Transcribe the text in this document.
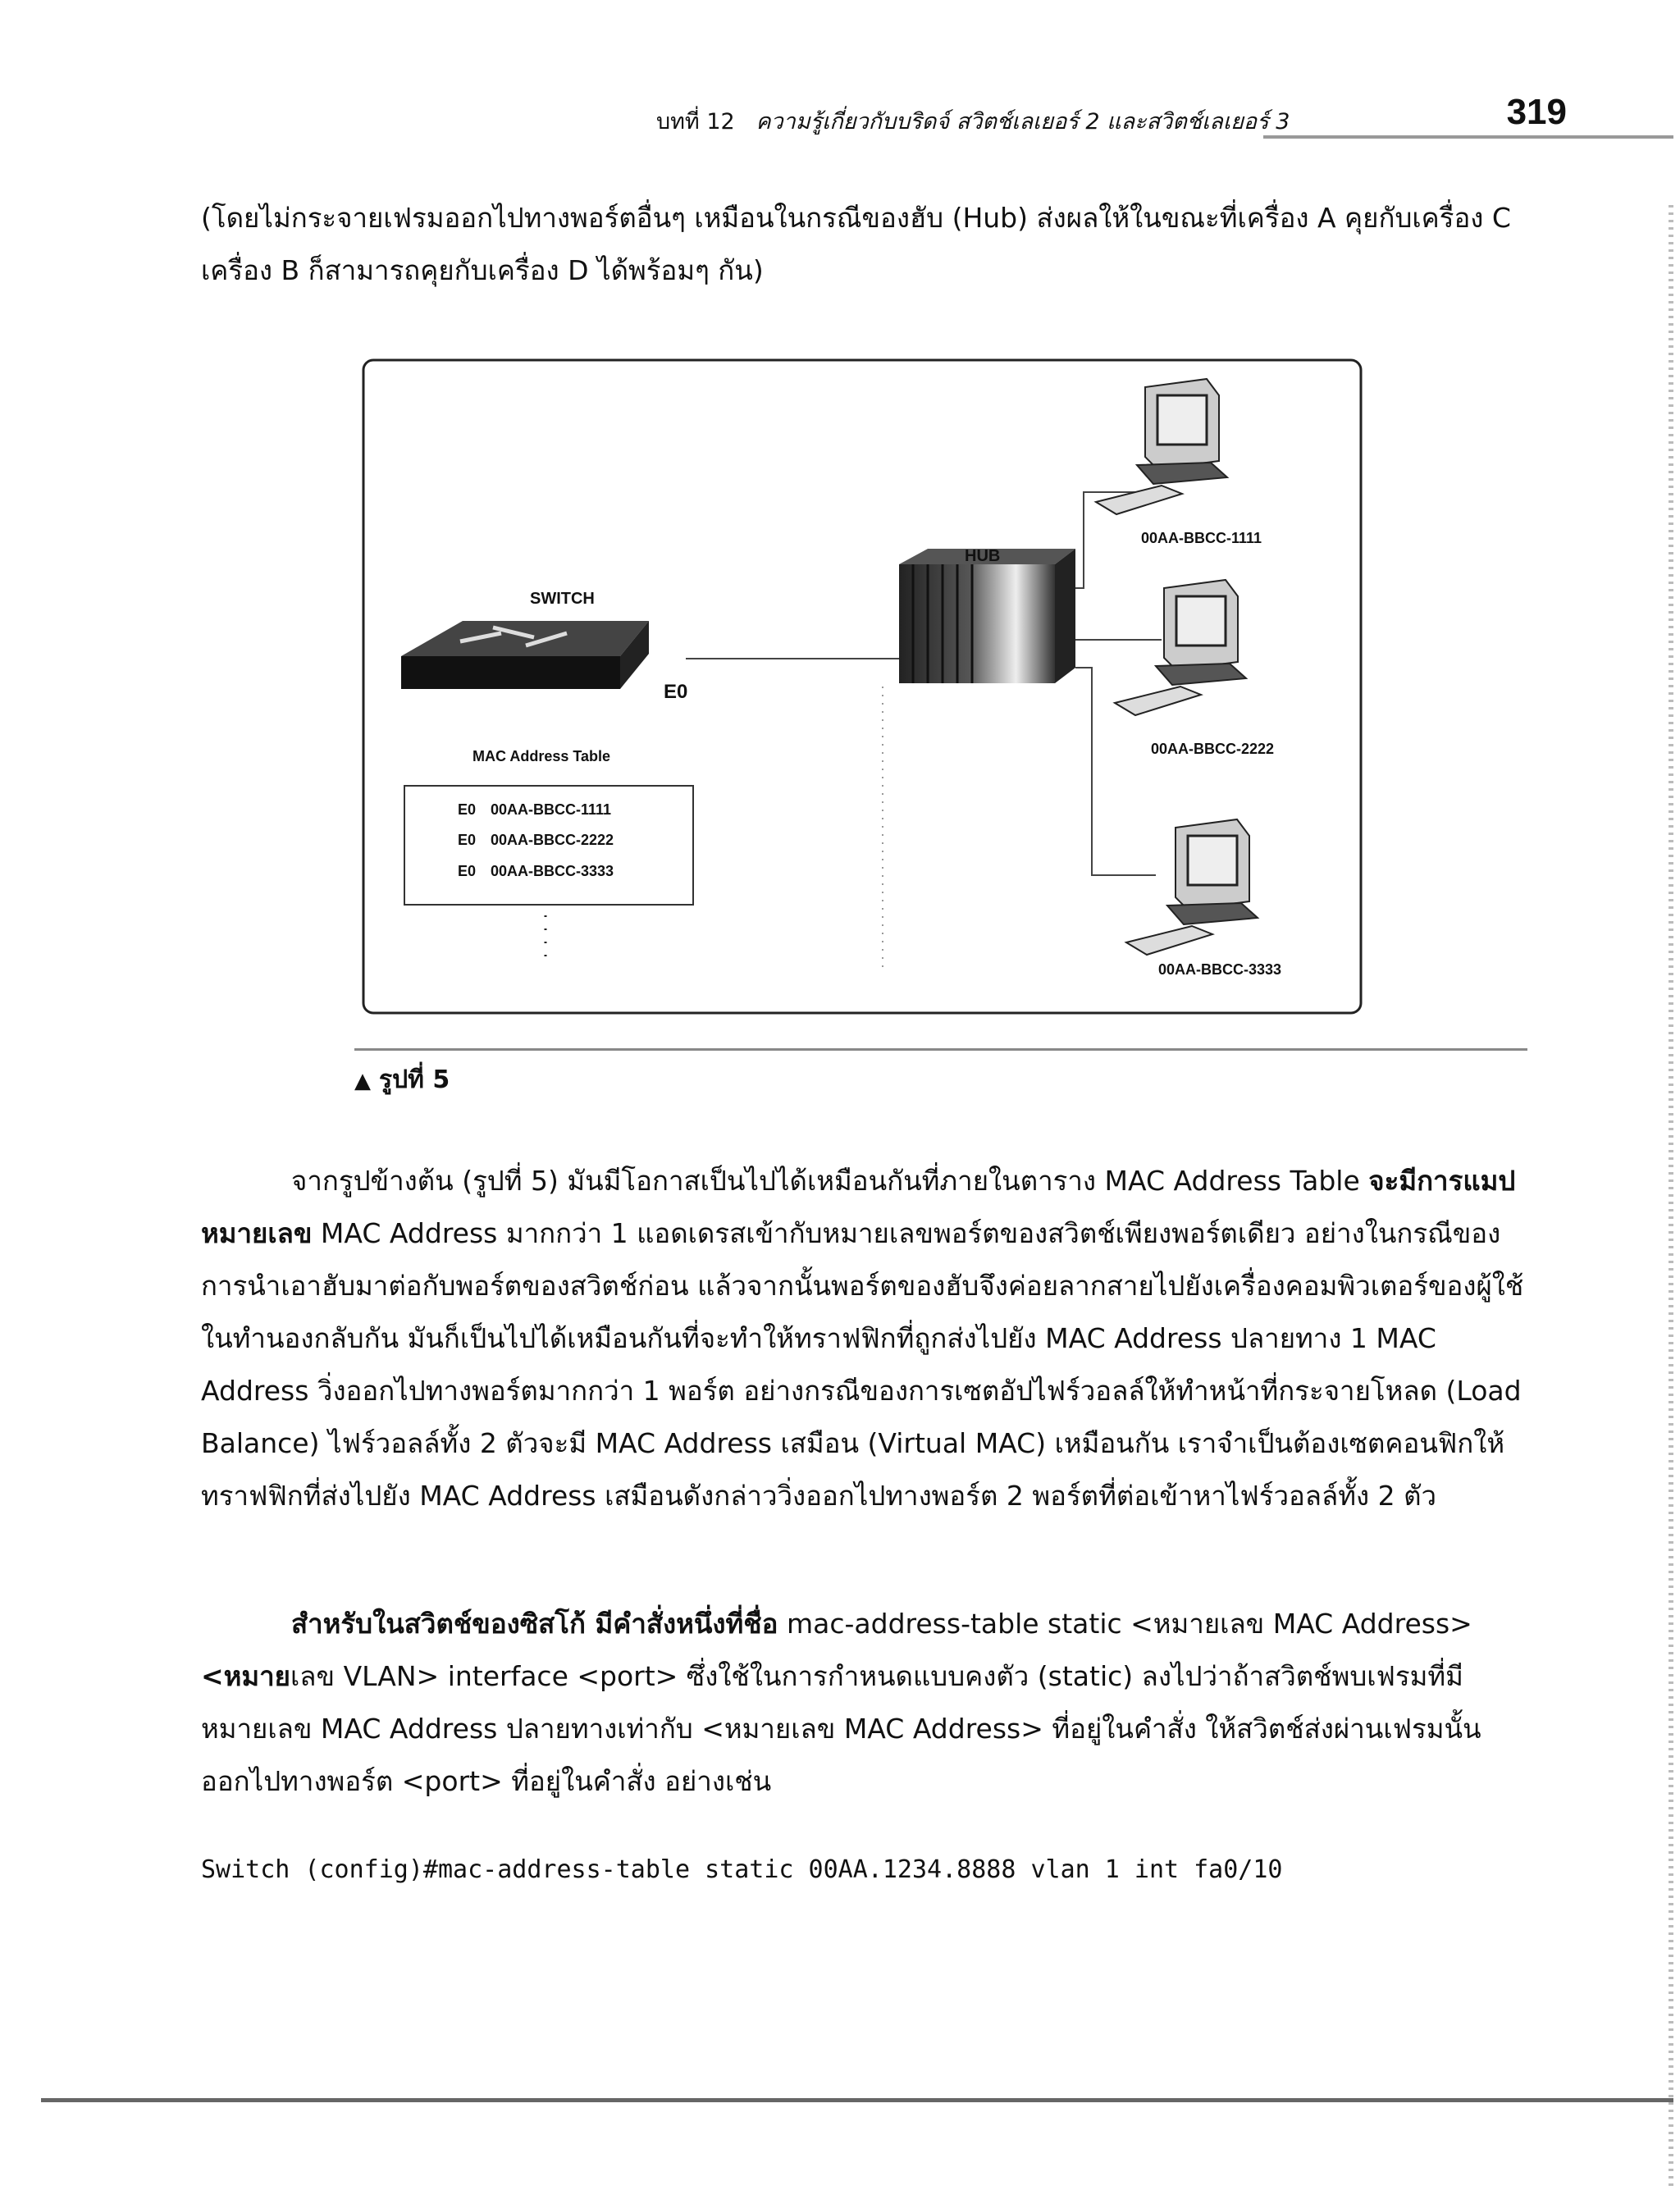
บทที่ 12 ความรู้เกี่ยวกับบริดจ์ สวิตช์เลเยอร์ 2 และสวิตช์เลเยอร์ 3	319

(โดยไม่กระจายเฟรมออกไปทางพอร์ตอื่นๆ เหมือนในกรณีของฮับ (Hub) ส่งผลให้ในขณะที่เครื่อง A คุยกับเครื่อง C เครื่อง B ก็สามารถคุยกับเครื่อง D ได้พร้อมๆ กัน)

SWITCH
HUB
E0
MAC Address Table
E0 00AA-BBCC-1111
E0 00AA-BBCC-2222
E0 00AA-BBCC-3333
00AA-BBCC-1111
00AA-BBCC-2222
00AA-BBCC-3333
▲ รูปที่ 5

จากรูปข้างต้น (รูปที่ 5) มันมีโอกาสเป็นไปได้เหมือนกันที่ภายในตาราง MAC Address Table จะมีการแมปหมายเลข MAC Address มากกว่า 1 แอดเดรสเข้ากับหมายเลขพอร์ตของสวิตช์เพียงพอร์ตเดียว อย่างในกรณีของการนำเอาฮับมาต่อกับพอร์ตของสวิตช์ก่อน แล้วจากนั้นพอร์ตของฮับจึงค่อยลากสายไปยังเครื่องคอมพิวเตอร์ของผู้ใช้ในทำนองกลับกัน มันก็เป็นไปได้เหมือนกันที่จะทำให้ทราฟฟิกที่ถูกส่งไปยัง MAC Address ปลายทาง 1 MAC Address วิ่งออกไปทางพอร์ตมากกว่า 1 พอร์ต อย่างกรณีของการเซตอัปไฟร์วอลล์ให้ทำหน้าที่กระจายโหลด (Load Balance) ไฟร์วอลล์ทั้ง 2 ตัวจะมี MAC Address เสมือน (Virtual MAC) เหมือนกัน เราจำเป็นต้องเซตคอนฟิกให้ทราฟฟิกที่ส่งไปยัง MAC Address เสมือนดังกล่าววิ่งออกไปทางพอร์ต 2 พอร์ตที่ต่อเข้าหาไฟร์วอลล์ทั้ง 2 ตัว

สำหรับในสวิตช์ของซิสโก้ มีคำสั่งหนึ่งที่ชื่อ mac-address-table static <หมายเลข MAC Address> <หมายเลข VLAN> interface <port> ซึ่งใช้ในการกำหนดแบบคงตัว (static) ลงไปว่าถ้าสวิตช์พบเฟรมที่มีหมายเลข MAC Address ปลายทางเท่ากับ <หมายเลข MAC Address> ที่อยู่ในคำสั่ง ให้สวิตช์ส่งผ่านเฟรมนั้นออกไปทางพอร์ต <port> ที่อยู่ในคำสั่ง อย่างเช่น

Switch (config)#mac-address-table static 00AA.1234.8888 vlan 1 int fa0/10
